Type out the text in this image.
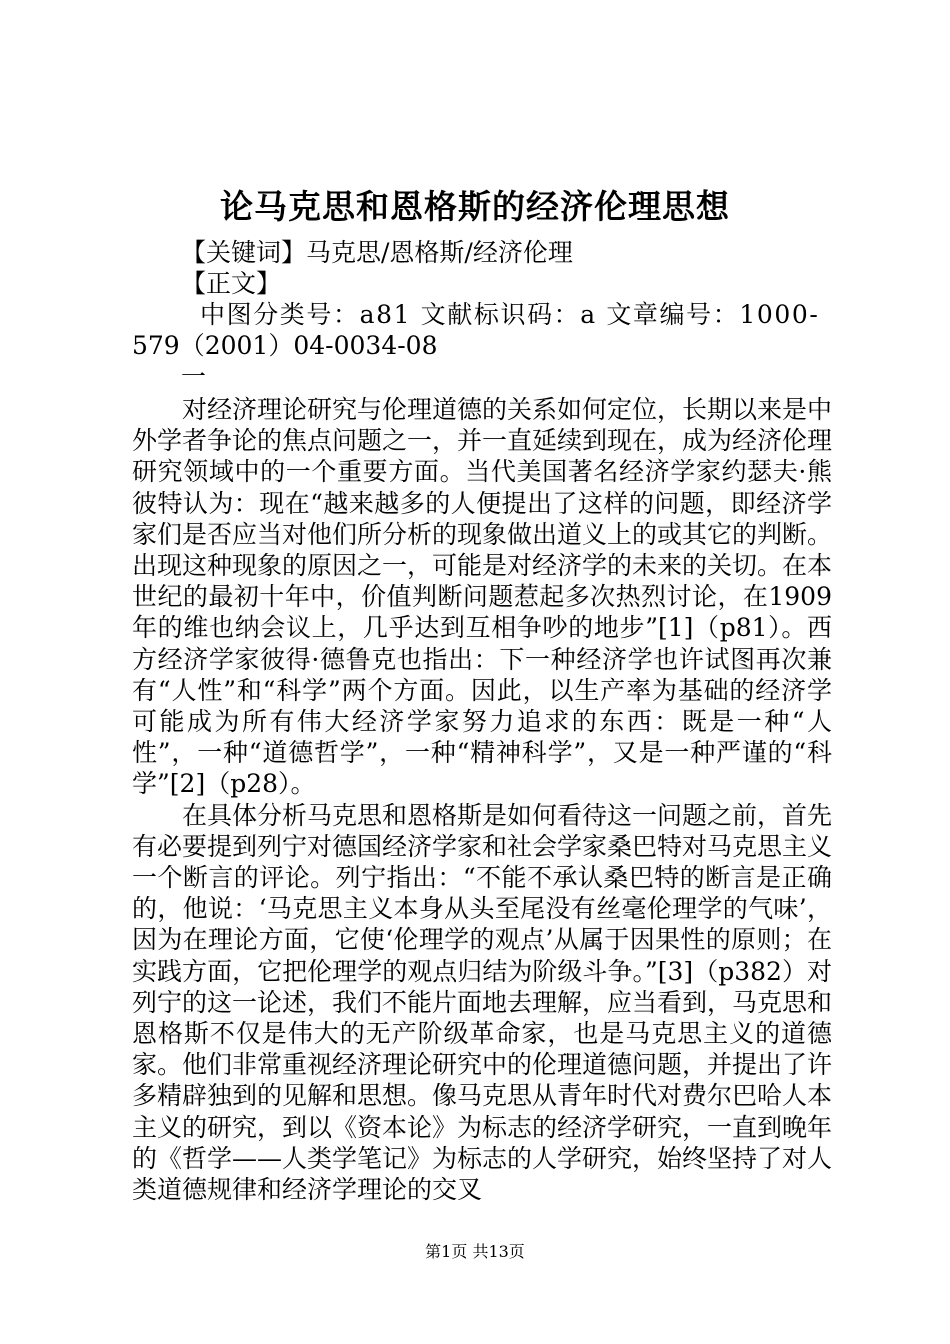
论马克思和恩格斯的经济伦理思想
【关键词】马克思/恩格斯/经济伦理
【正文】
中图分类号：a81 文献标识码：a 文章编号：1000-
579（2001）04-0034-08
一

对经济理论研究与伦理道德的关系如何定位，长期以来是中外学者争论的焦点问题之一，并一直延续到现在，成为经济伦理研究领域中的一个重要方面。当代美国著名经济学家约瑟夫·熊彼特认为：现在“越来越多的人便提出了这样的问题，即经济学家们是否应当对他们所分析的现象做出道义上的或其它的判断。出现这种现象的原因之一，可能是对经济学的未来的关切。在本世纪的最初十年中，价值判断问题惹起多次热烈讨论，在1909年的维也纳会议上，几乎达到互相争吵的地步”[1]（p81）。西方经济学家彼得·德鲁克也指出：下一种经济学也许试图再次兼有“人性”和“科学”两个方面。因此，以生产率为基础的经济学可能成为所有伟大经济学家努力追求的东西：既是一种“人性”，一种“道德哲学”，一种“精神科学”，又是一种严谨的“科学”[2]（p28）。

在具体分析马克思和恩格斯是如何看待这一问题之前，首先有必要提到列宁对德国经济学家和社会学家桑巴特对马克思主义一个断言的评论。列宁指出：“不能不承认桑巴特的断言是正确的，他说：‘马克思主义本身从头至尾没有丝毫伦理学的气味’，因为在理论方面，它使‘伦理学的观点’从属于因果性的原则；在实践方面，它把伦理学的观点归结为阶级斗争。”[3]（p382）对列宁的这一论述，我们不能片面地去理解，应当看到，马克思和恩格斯不仅是伟大的无产阶级革命家，也是马克思主义的道德家。他们非常重视经济理论研究中的伦理道德问题，并提出了许多精辟独到的见解和思想。像马克思从青年时代对费尔巴哈人本主义的研究，到以《资本论》为标志的经济学研究，一直到晚年的《哲学——人类学笔记》为标志的人学研究，始终坚持了对人类道德规律和经济学理论的交叉

第1页 共13页
